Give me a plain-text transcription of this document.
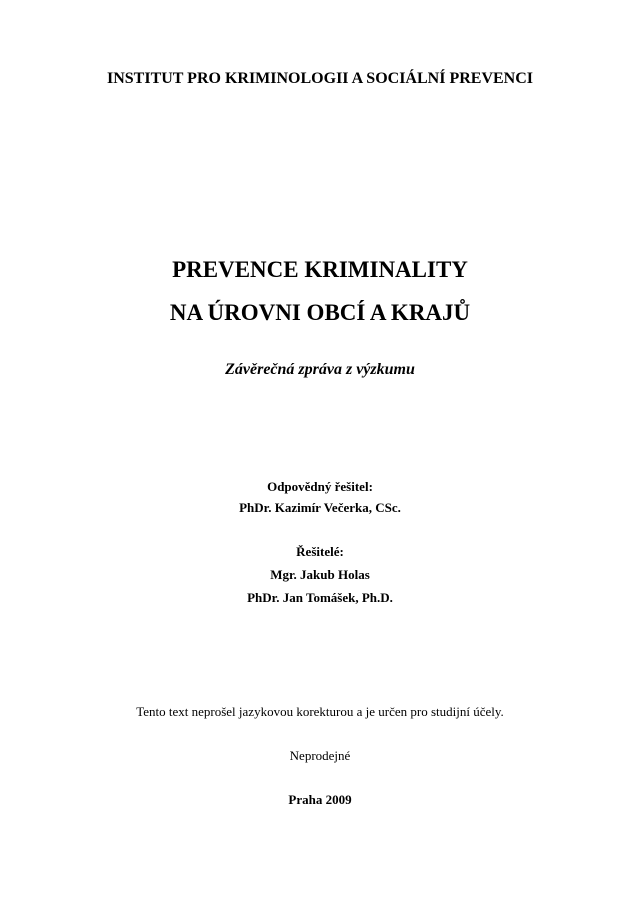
INSTITUT PRO KRIMINOLOGII A SOCIÁLNÍ PREVENCI
PREVENCE KRIMINALITY
NA ÚROVNI OBCÍ A KRAJŮ
Závěrečná zpráva z výzkumu
Odpovědný řešitel:
PhDr. Kazimír Večerka, CSc.
Řešitelé:
Mgr. Jakub Holas
PhDr. Jan Tomášek, Ph.D.
Tento text neprošel jazykovou korekturou a je určen pro studijní účely.
Neprodejné
Praha 2009
